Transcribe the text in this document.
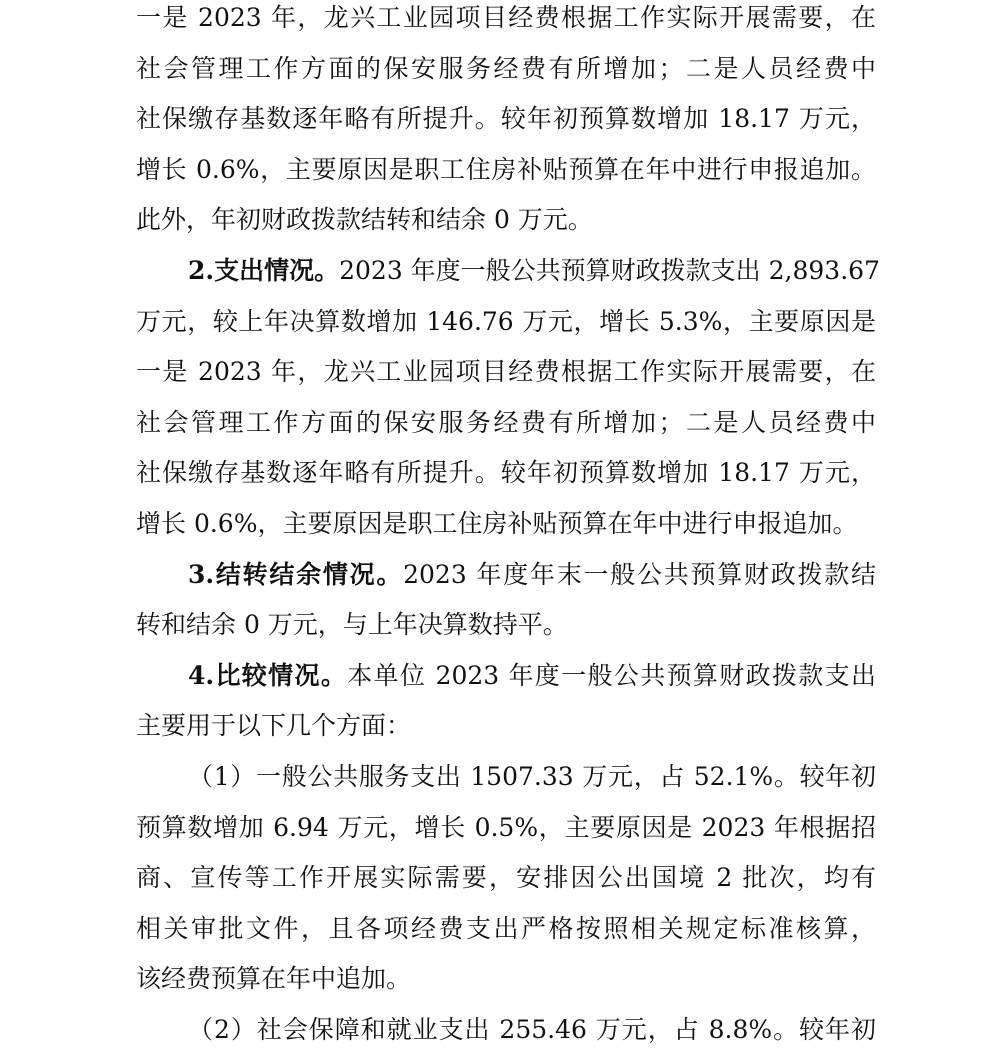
一是 2023 年，龙兴工业园项目经费根据工作实际开展需要，在
社会管理工作方面的保安服务经费有所增加；二是人员经费中
社保缴存基数逐年略有所提升。较年初预算数增加 18.17 万元，
增长 0.6%，主要原因是职工住房补贴预算在年中进行申报追加。
此外，年初财政拨款结转和结余 0 万元。

2.支出情况。2023 年度一般公共预算财政拨款支出 2,893.67
万元，较上年决算数增加 146.76 万元，增长 5.3%，主要原因是
一是 2023 年，龙兴工业园项目经费根据工作实际开展需要，在
社会管理工作方面的保安服务经费有所增加；二是人员经费中
社保缴存基数逐年略有所提升。较年初预算数增加 18.17 万元，
增长 0.6%，主要原因是职工住房补贴预算在年中进行申报追加。

3.结转结余情况。2023 年度年末一般公共预算财政拨款结
转和结余 0 万元，与上年决算数持平。

4.比较情况。本单位 2023 年度一般公共预算财政拨款支出
主要用于以下几个方面：

（1）一般公共服务支出 1507.33 万元，占 52.1%。较年初
预算数增加 6.94 万元，增长 0.5%，主要原因是 2023 年根据招
商、宣传等工作开展实际需要，安排因公出国境 2 批次，均有
相关审批文件，且各项经费支出严格按照相关规定标准核算，
该经费预算在年中追加。

（2）社会保障和就业支出 255.46 万元，占 8.8%。较年初
